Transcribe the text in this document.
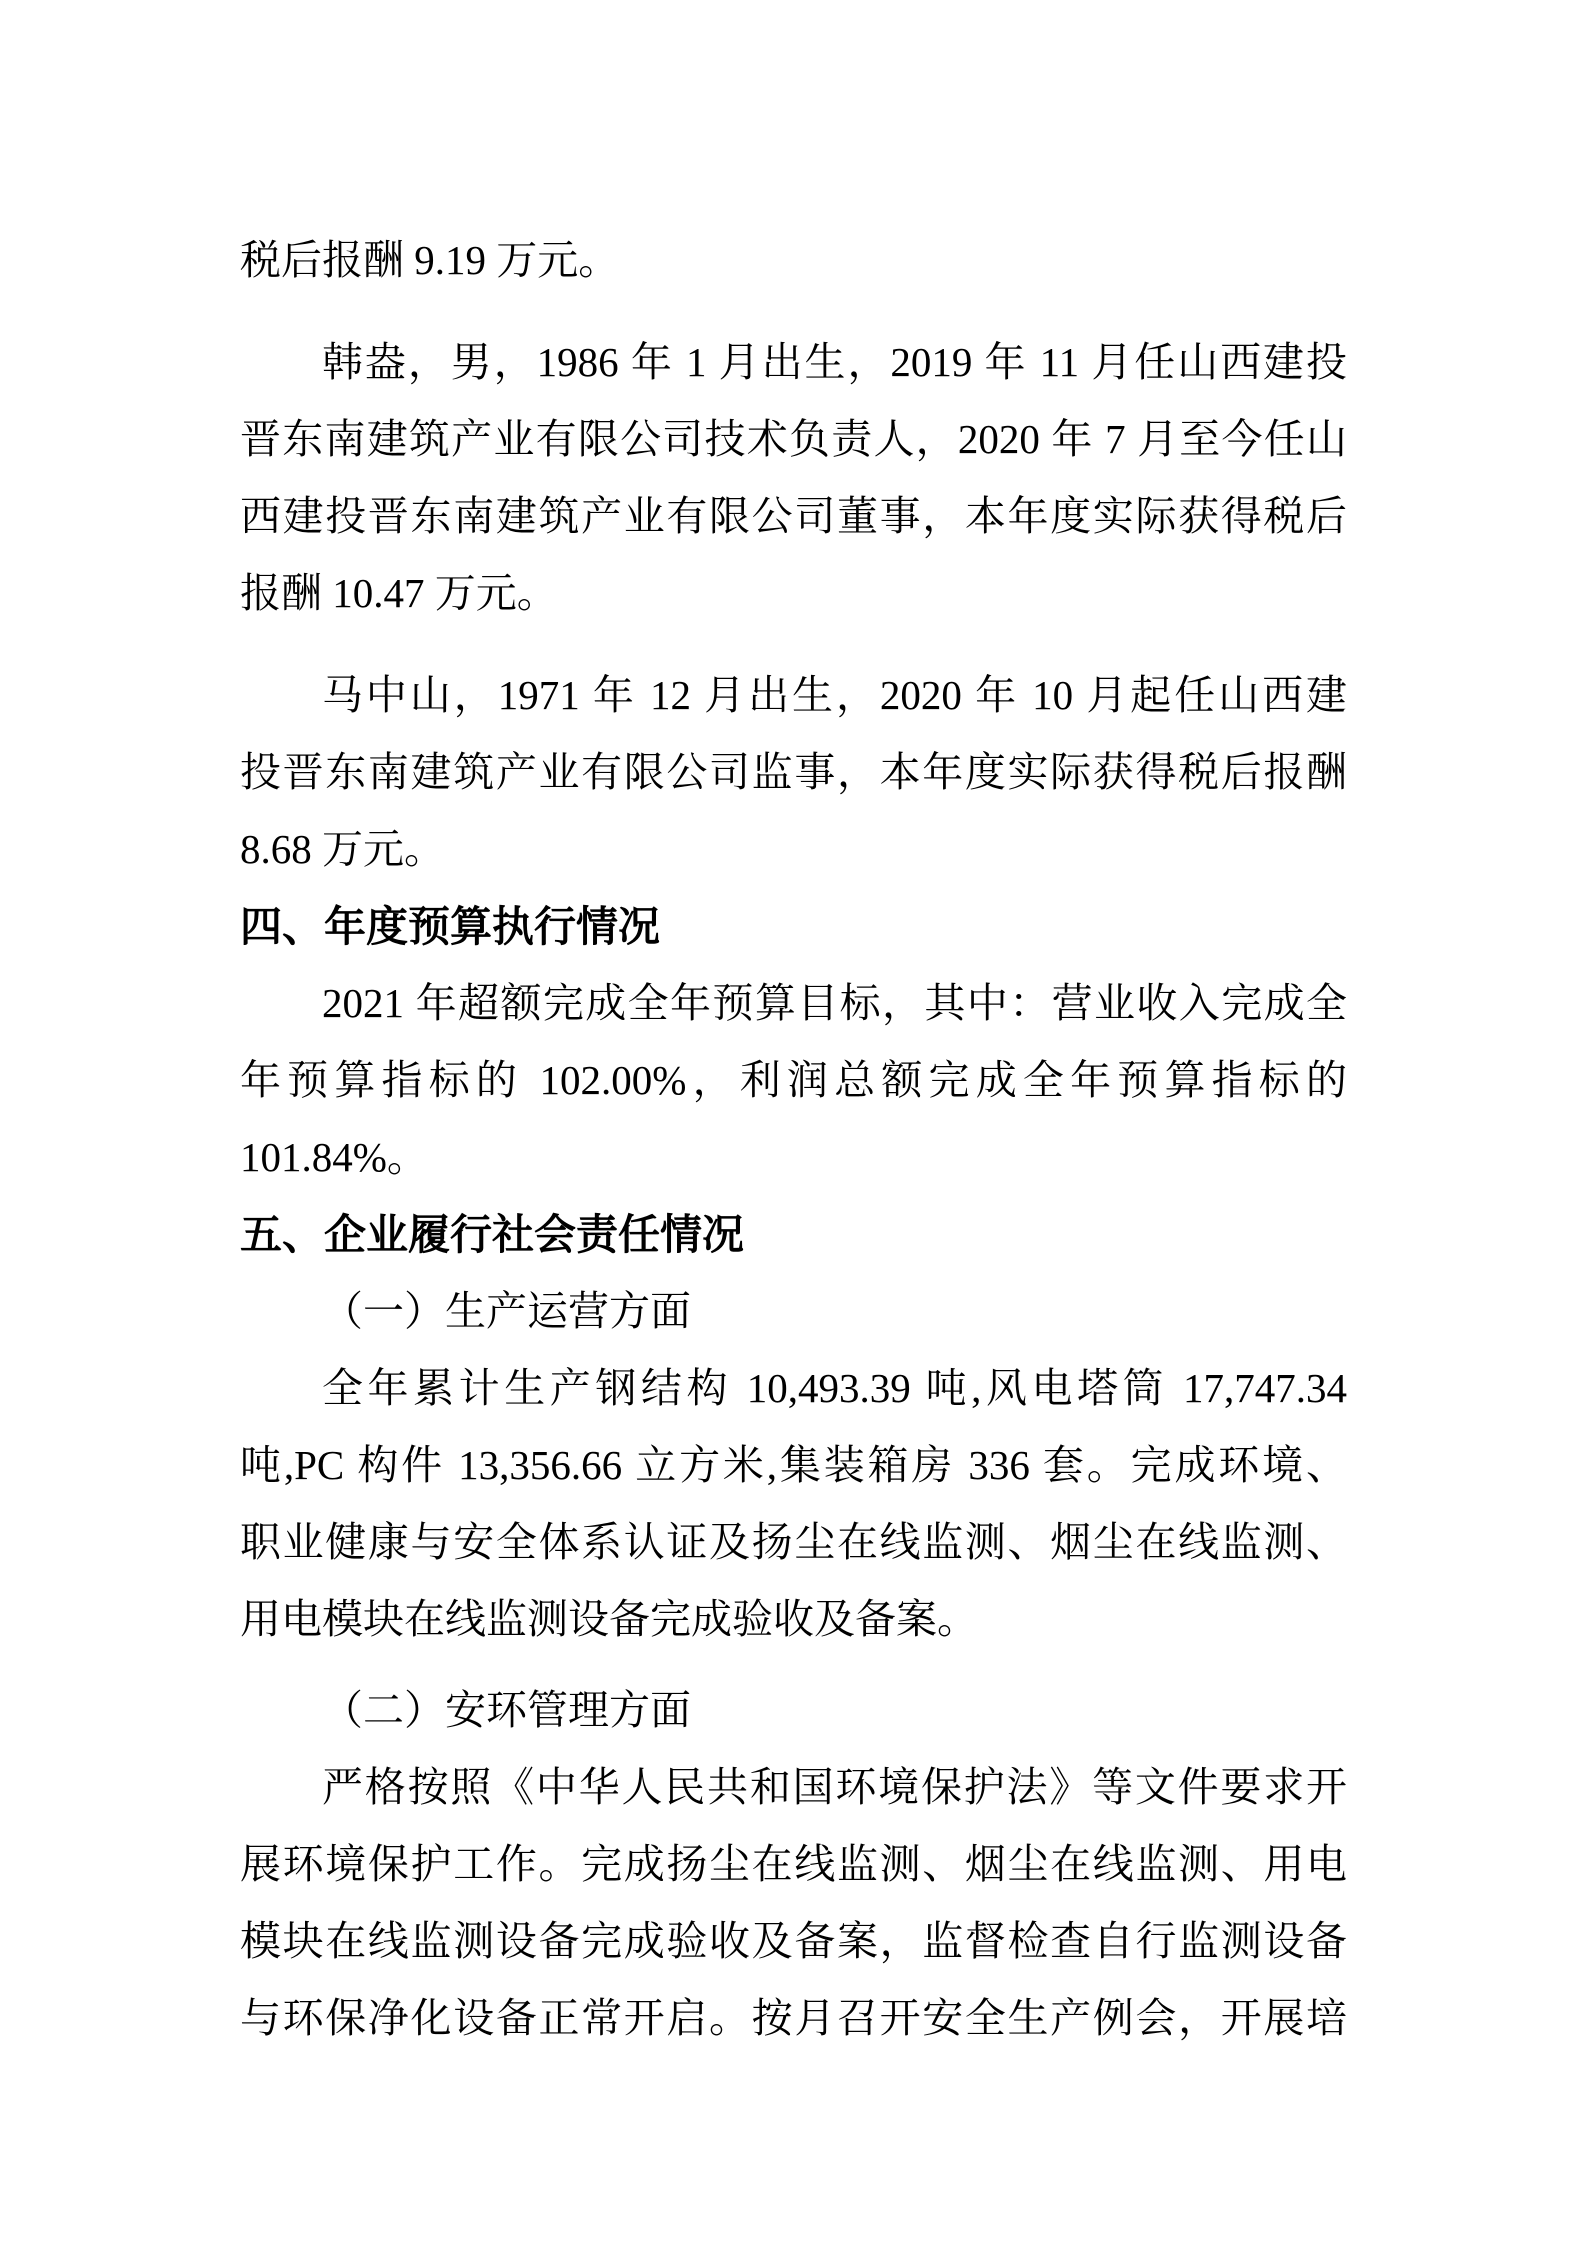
税后报酬 9.19 万元。
韩盎，男，1986 年 1 月出生，2019 年 11 月任山西建投
晋东南建筑产业有限公司技术负责人，2020 年 7 月至今任山
西建投晋东南建筑产业有限公司董事，本年度实际获得税后
报酬 10.47 万元。
马中山，1971 年 12 月出生，2020 年 10 月起任山西建
投晋东南建筑产业有限公司监事，本年度实际获得税后报酬
8.68 万元。
四、年度预算执行情况
2021 年超额完成全年预算目标，其中：营业收入完成全
年预算指标的 102.00%，利润总额完成全年预算指标的
101.84%。
五、企业履行社会责任情况
（一）生产运营方面
全年累计生产钢结构 10,493.39 吨,风电塔筒 17,747.34
吨,PC 构件 13,356.66 立方米,集装箱房 336 套。完成环境、
职业健康与安全体系认证及扬尘在线监测、烟尘在线监测、
用电模块在线监测设备完成验收及备案。
（二）安环管理方面
严格按照《中华人民共和国环境保护法》等文件要求开
展环境保护工作。完成扬尘在线监测、烟尘在线监测、用电
模块在线监测设备完成验收及备案，监督检查自行监测设备
与环保净化设备正常开启。按月召开安全生产例会，开展培
